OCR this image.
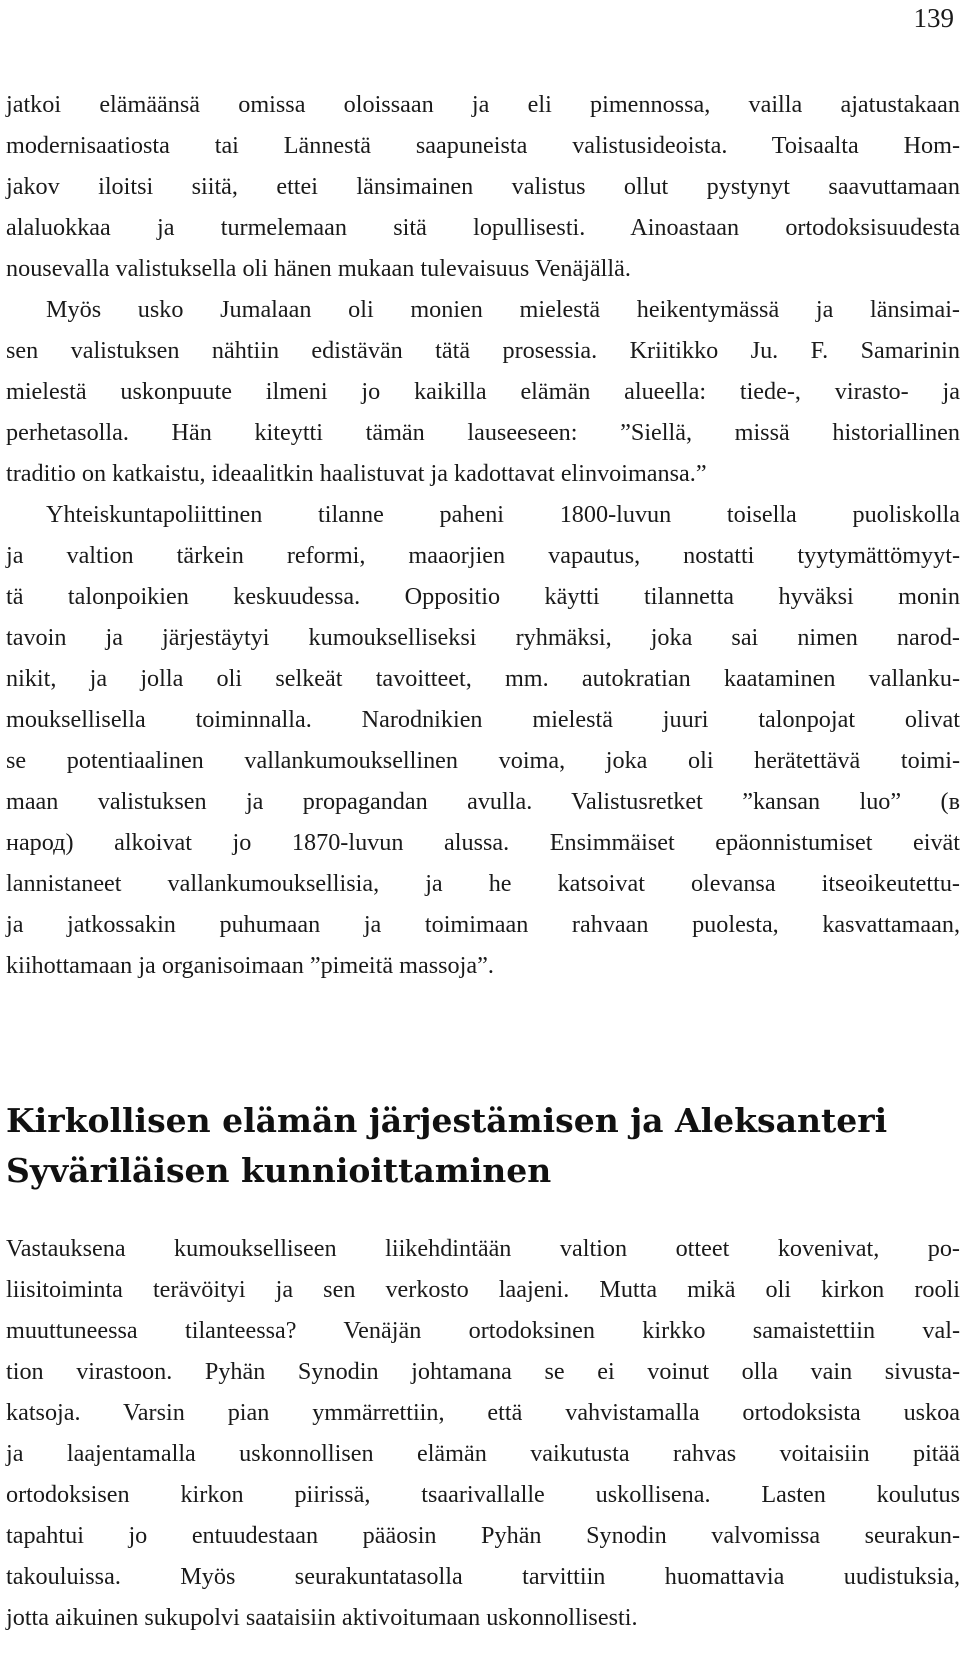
139
jatkoi elämäänsä omissa oloissaan ja eli pimennossa, vailla ajatustakaan
modernisaatiosta tai Lännestä saapuneista valistusideoista. Toisaalta Hom-
jakov iloitsi siitä, ettei länsimainen valistus ollut pystynyt saavuttamaan
alaluokkaa ja turmelemaan sitä lopullisesti. Ainoastaan ortodoksisuudesta
nousevalla valistuksella oli hänen mukaan tulevaisuus Venäjällä.
Myös usko Jumalaan oli monien mielestä heikentymässä ja länsimai-
sen valistuksen nähtiin edistävän tätä prosessia. Kriitikko Ju. F. Samarinin
mielestä uskonpuute ilmeni jo kaikilla elämän alueella: tiede-, virasto- ja
perhetasolla. Hän kiteytti tämän lauseeseen: ”Siellä, missä historiallinen
traditio on katkaistu, ideaalitkin haalistuvat ja kadottavat elinvoimansa.”
Yhteiskuntapoliittinen tilanne paheni 1800-luvun toisella puoliskolla
ja valtion tärkein reformi, maaorjien vapautus, nostatti tyytymättömyyt-
tä talonpoikien keskuudessa. Oppositio käytti tilannetta hyväksi monin
tavoin ja järjestäytyi kumoukselliseksi ryhmäksi, joka sai nimen narod-
nikit, ja jolla oli selkeät tavoitteet, mm. autokratian kaataminen vallanku-
mouksellisella toiminnalla. Narodnikien mielestä juuri talonpojat olivat
se potentiaalinen vallankumouksellinen voima, joka oli herätettävä toimi-
maan valistuksen ja propagandan avulla. Valistusretket ”kansan luo” (в
народ) alkoivat jo 1870-luvun alussa. Ensimmäiset epäonnistumiset eivät
lannistaneet vallankumouksellisia, ja he katsoivat olevansa itseoikeutettu-
ja jatkossakin puhumaan ja toimimaan rahvaan puolesta, kasvattamaan,
kiihottamaan ja organisoimaan ”pimeitä massoja”.
Kirkollisen elämän järjestämisen ja Aleksanteri
Syväriläisen kunnioittaminen
Vastauksena kumoukselliseen liikehdintään valtion otteet kovenivat, po-
liisitoiminta terävöityi ja sen verkosto laajeni. Mutta mikä oli kirkon rooli
muuttuneessa tilanteessa? Venäjän ortodoksinen kirkko samaistettiin val-
tion virastoon. Pyhän Synodin johtamana se ei voinut olla vain sivusta-
katsoja. Varsin pian ymmärrettiin, että vahvistamalla ortodoksista uskoa
ja laajentamalla uskonnollisen elämän vaikutusta rahvas voitaisiin pitää
ortodoksisen kirkon piirissä, tsaarivallalle uskollisena. Lasten koulutus
tapahtui jo entuudestaan pääosin Pyhän Synodin valvomissa seurakun-
takouluissa. Myös seurakuntatasolla tarvittiin huomattavia uudistuksia,
jotta aikuinen sukupolvi saataisiin aktivoitumaan uskonnollisesti.
